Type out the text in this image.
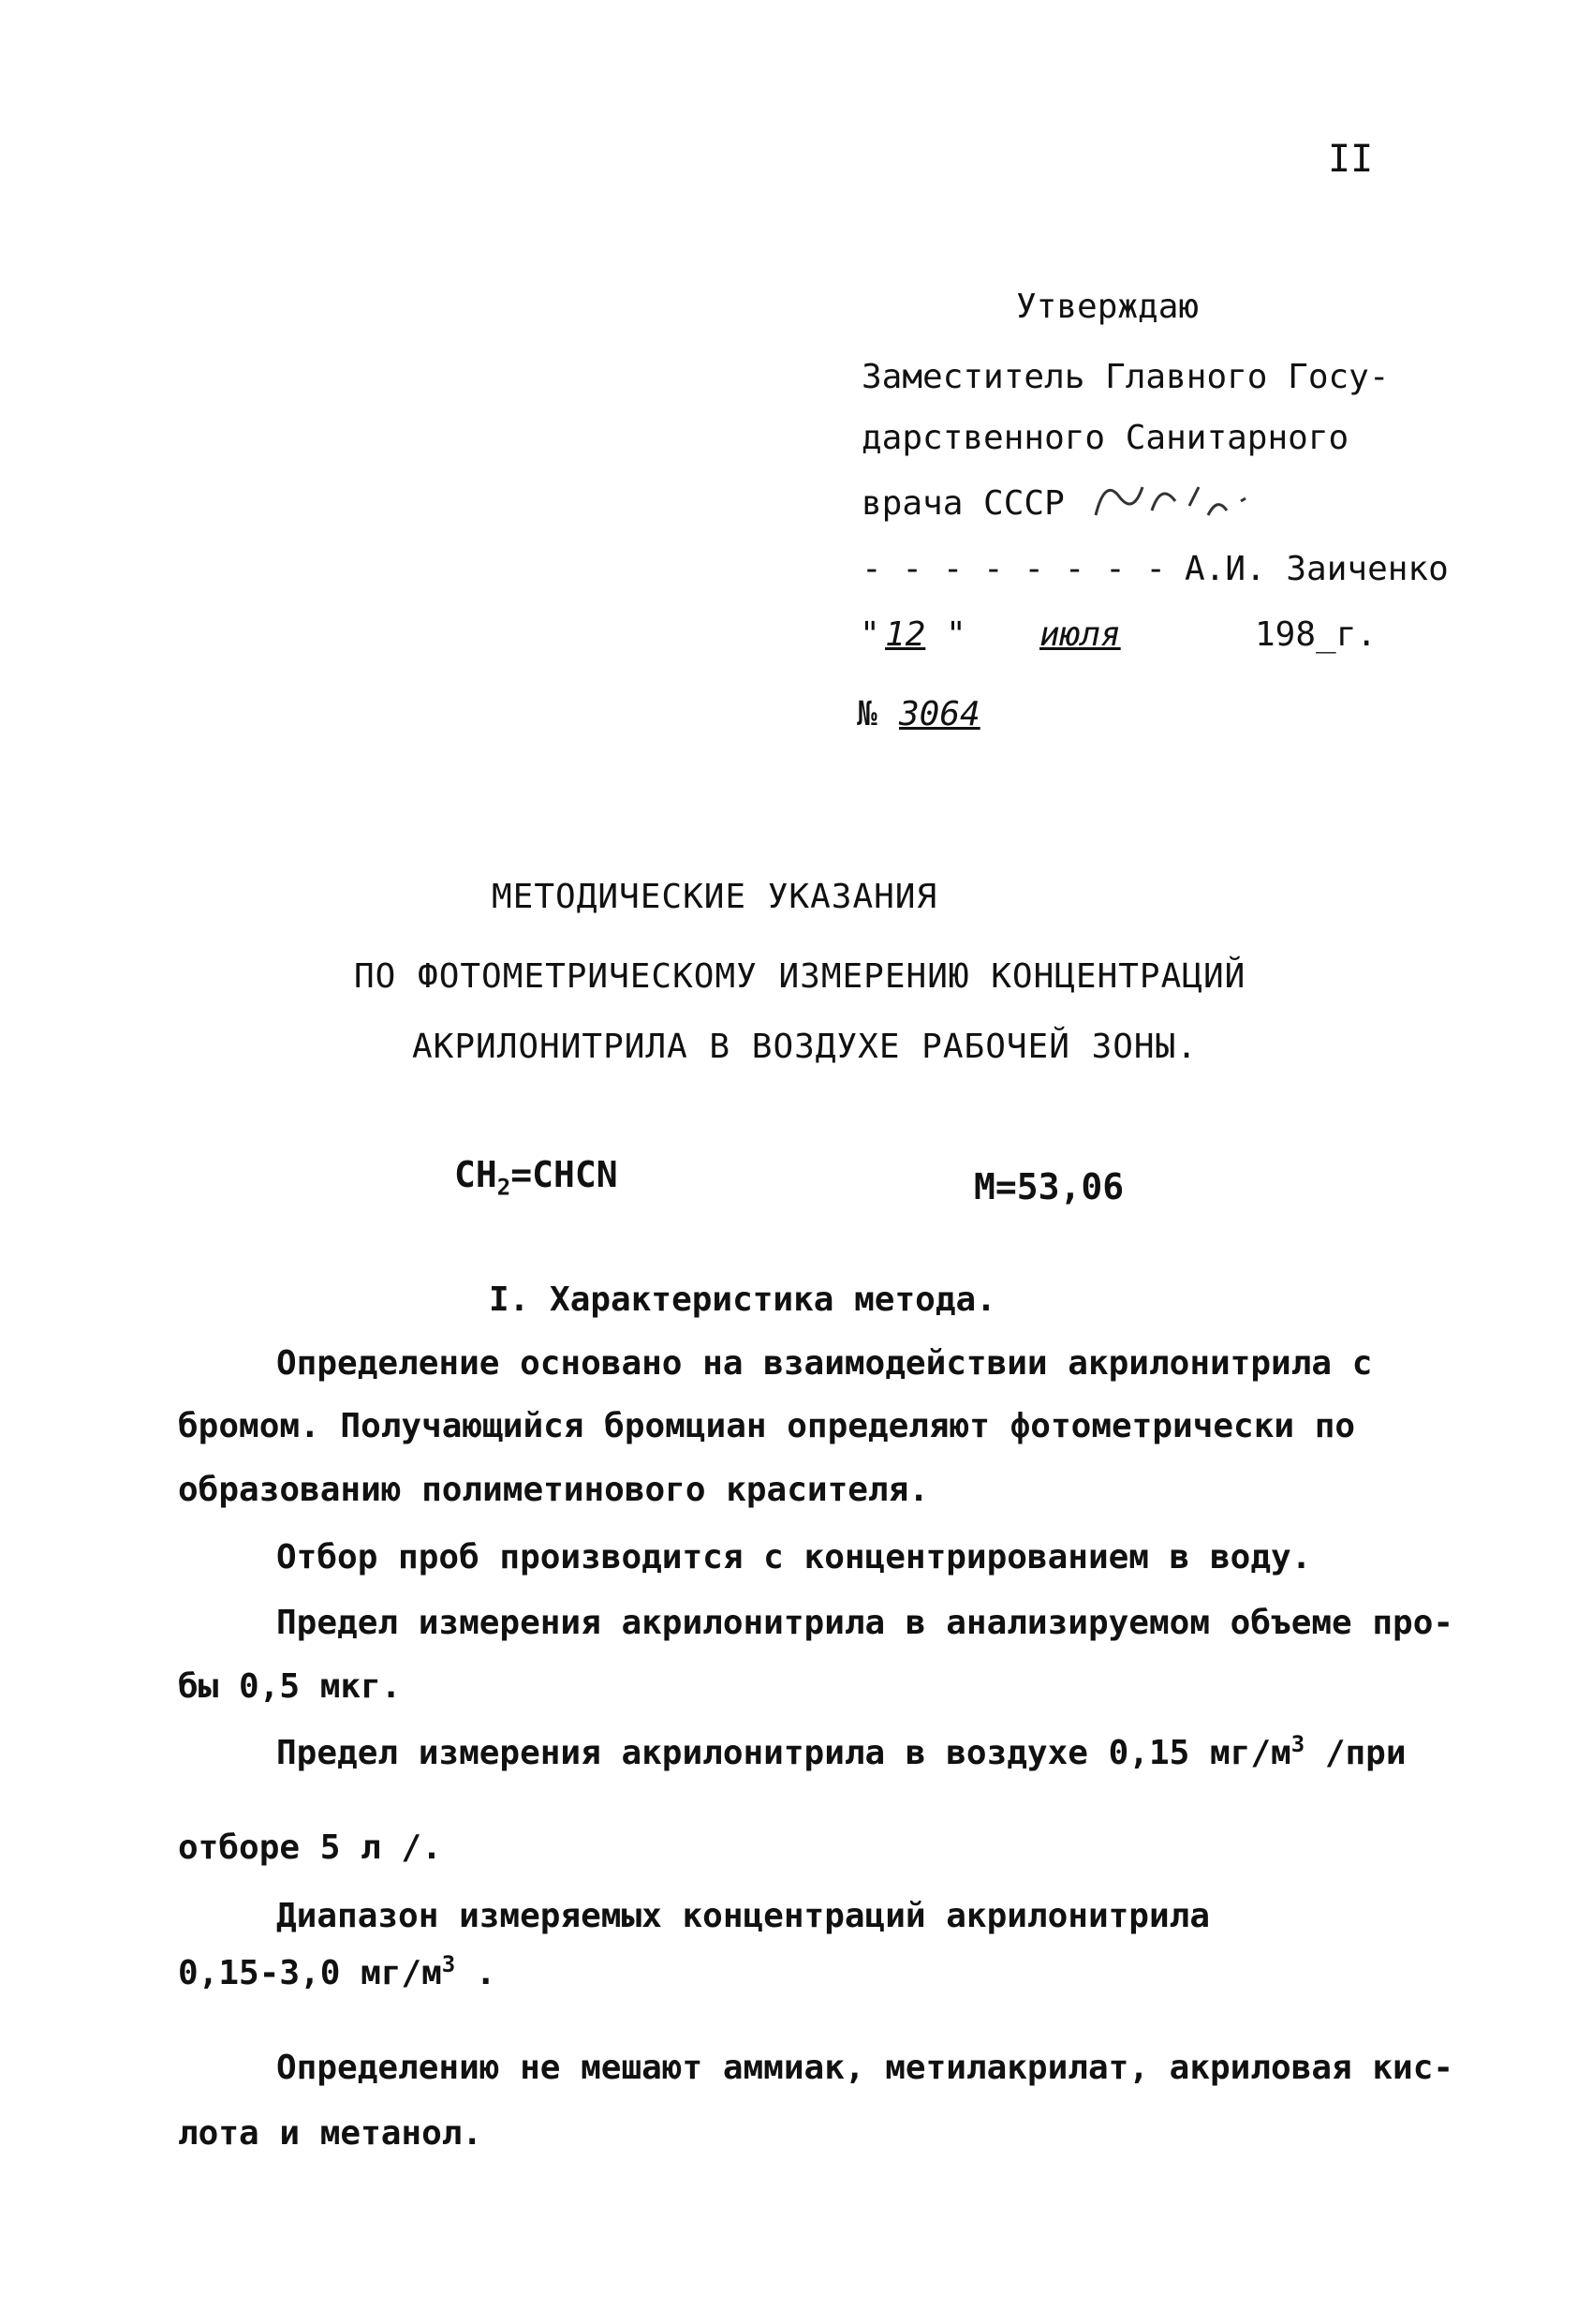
II
Утверждаю
Заместитель Главного Госу-
дарственного Санитарного
врача СССР
- - - - - - - - А.И. Заиченко
" 12 " июля	198_г.
№ 3064
МЕТОДИЧЕСКИЕ УКАЗАНИЯ
ПО ФОТОМЕТРИЧЕСКОМУ ИЗМЕРЕНИЮ КОНЦЕНТРАЦИЙ
АКРИЛОНИТРИЛА В ВОЗДУХЕ РАБОЧЕЙ ЗОНЫ.
$CH_2=CHCN$	M=53,06
I. Характеристика метода.
Определение основано на взаимодействии акрилонитрила с
бромом. Получающийся бромциан определяют фотометрически по
образованию полиметинового красителя.
Отбор проб производится с концентрированием в воду.
Предел измерения акрилонитрила в анализируемом объеме про-
бы 0,5 мкг.
Предел измерения акрилонитрила в воздухе 0,15 $мг/м^3$ /при
отборе 5 л /.
Диапазон измеряемых концентраций акрилонитрила
0,15-3,0 $мг/м^3$ .
Определению не мешают аммиак, метилакрилат, акриловая кис-
лота и метанол.
